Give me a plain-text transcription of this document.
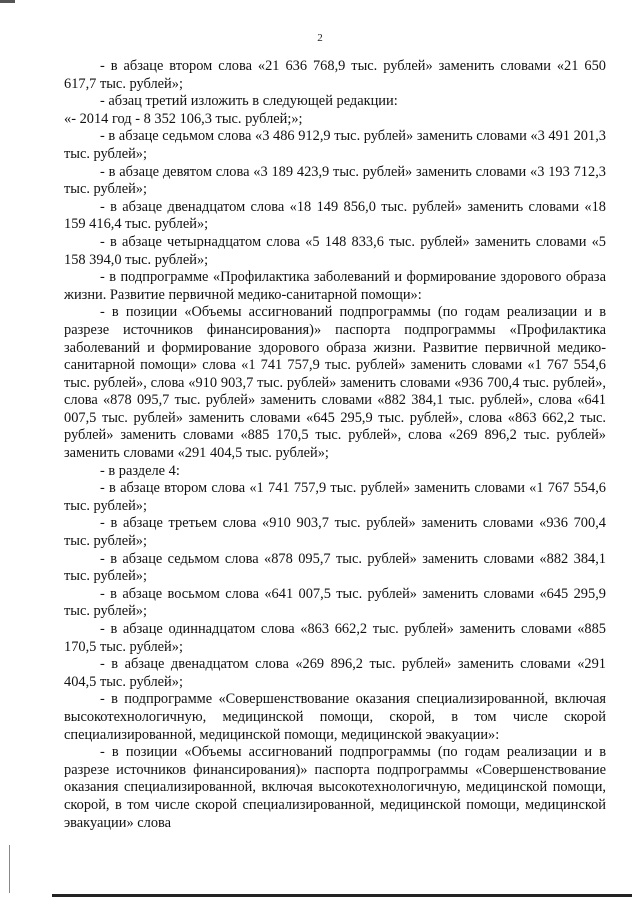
2

- в абзаце втором слова «21 636 768,9 тыс. рублей» заменить словами «21 650 617,7 тыс. рублей»;

- абзац третий изложить в следующей редакции:

«- 2014 год - 8 352 106,3 тыс. рублей;»;

- в абзаце седьмом слова «3 486 912,9 тыс. рублей» заменить словами «3 491 201,3 тыс. рублей»;

- в абзаце девятом слова «3 189 423,9 тыс. рублей» заменить словами «3 193 712,3 тыс. рублей»;

- в абзаце двенадцатом слова «18 149 856,0 тыс. рублей» заменить словами «18 159 416,4 тыс. рублей»;

- в абзаце четырнадцатом слова «5 148 833,6 тыс. рублей» заменить словами «5 158 394,0 тыс. рублей»;

- в подпрограмме «Профилактика заболеваний и формирование здорового образа жизни. Развитие первичной медико-санитарной помощи»:

- в позиции «Объемы ассигнований подпрограммы (по годам реализации и в разрезе источников финансирования)» паспорта подпрограммы «Профилактика заболеваний и формирование здорового образа жизни. Развитие первичной медико-санитарной помощи» слова «1 741 757,9 тыс. рублей» заменить словами «1 767 554,6 тыс. рублей», слова «910 903,7 тыс. рублей» заменить словами «936 700,4 тыс. рублей», слова «878 095,7 тыс. рублей» заменить словами «882 384,1 тыс. рублей», слова «641 007,5 тыс. рублей» заменить словами «645 295,9 тыс. рублей», слова «863 662,2 тыс. рублей» заменить словами «885 170,5 тыс. рублей», слова «269 896,2 тыс. рублей» заменить словами «291 404,5 тыс. рублей»;

- в разделе 4:

- в абзаце втором слова «1 741 757,9 тыс. рублей» заменить словами «1 767 554,6 тыс. рублей»;

- в абзаце третьем слова «910 903,7 тыс. рублей» заменить словами «936 700,4 тыс. рублей»;

- в абзаце седьмом слова «878 095,7 тыс. рублей» заменить словами «882 384,1 тыс. рублей»;

- в абзаце восьмом слова «641 007,5 тыс. рублей» заменить словами «645 295,9 тыс. рублей»;

- в абзаце одиннадцатом слова «863 662,2 тыс. рублей» заменить словами «885 170,5 тыс. рублей»;

- в абзаце двенадцатом слова «269 896,2 тыс. рублей» заменить словами «291 404,5 тыс. рублей»;

- в подпрограмме «Совершенствование оказания специализированной, включая высокотехнологичную, медицинской помощи, скорой, в том числе скорой специализированной, медицинской помощи, медицинской эвакуации»:

- в позиции «Объемы ассигнований подпрограммы (по годам реализации и в разрезе источников финансирования)» паспорта подпрограммы «Совершенствование оказания специализированной, включая высокотехнологичную, медицинской помощи, скорой, в том числе скорой специализированной, медицинской помощи, медицинской эвакуации» слова
